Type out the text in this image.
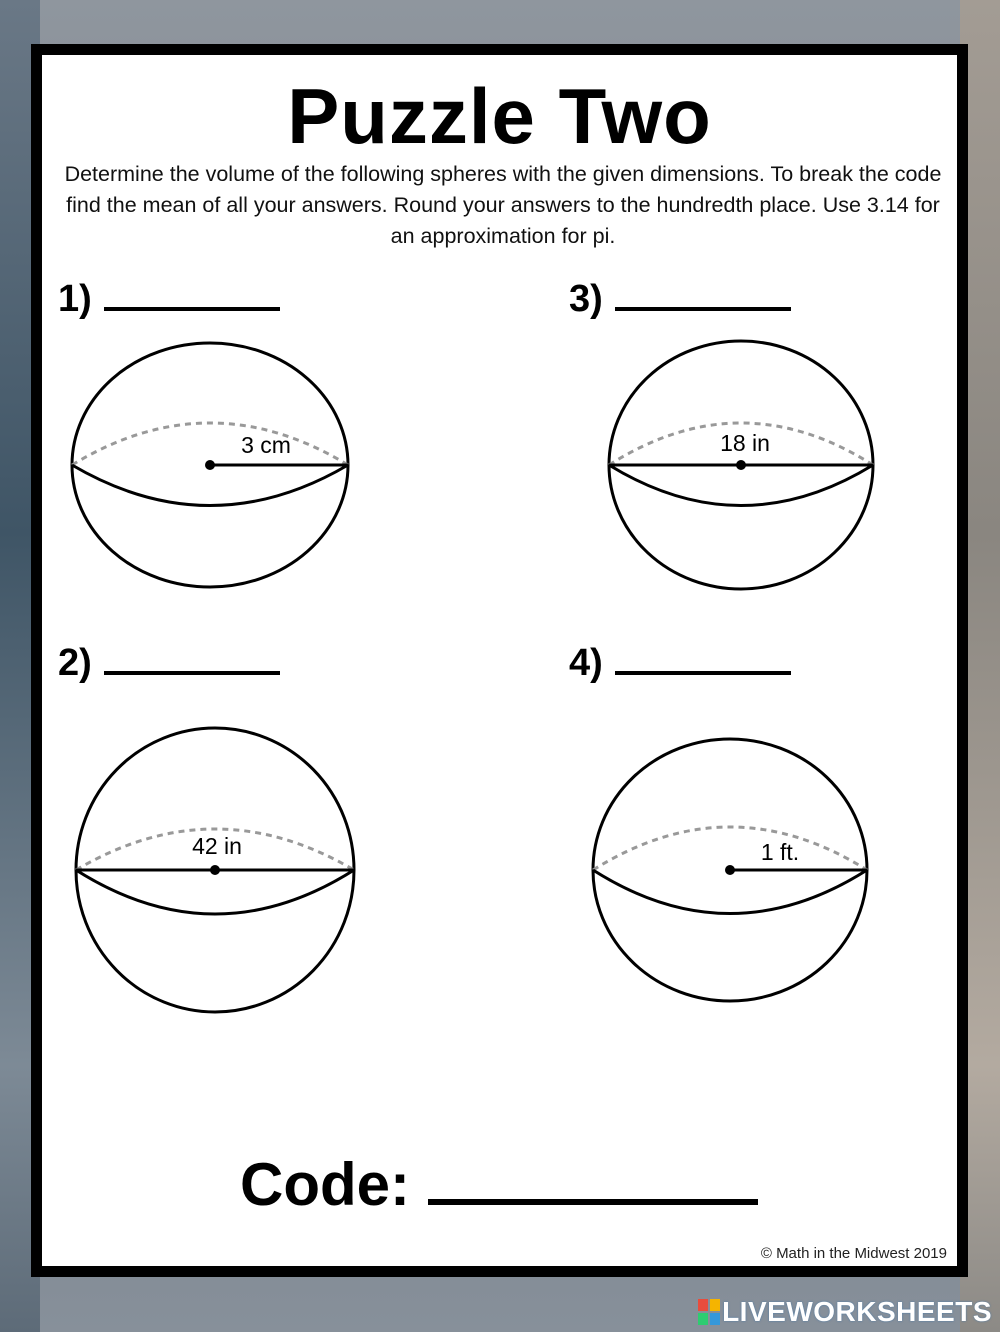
Puzzle Two
Determine the volume of the following spheres with the given dimensions. To break the code find the mean of all your answers. Round your answers to the hundredth place. Use 3.14 for an approximation for pi.
1)
3 cm
3)
18 in
2)
42 in
4)
1 ft.
Code:
© Math in the Midwest 2019
LIVEWORKSHEETS
